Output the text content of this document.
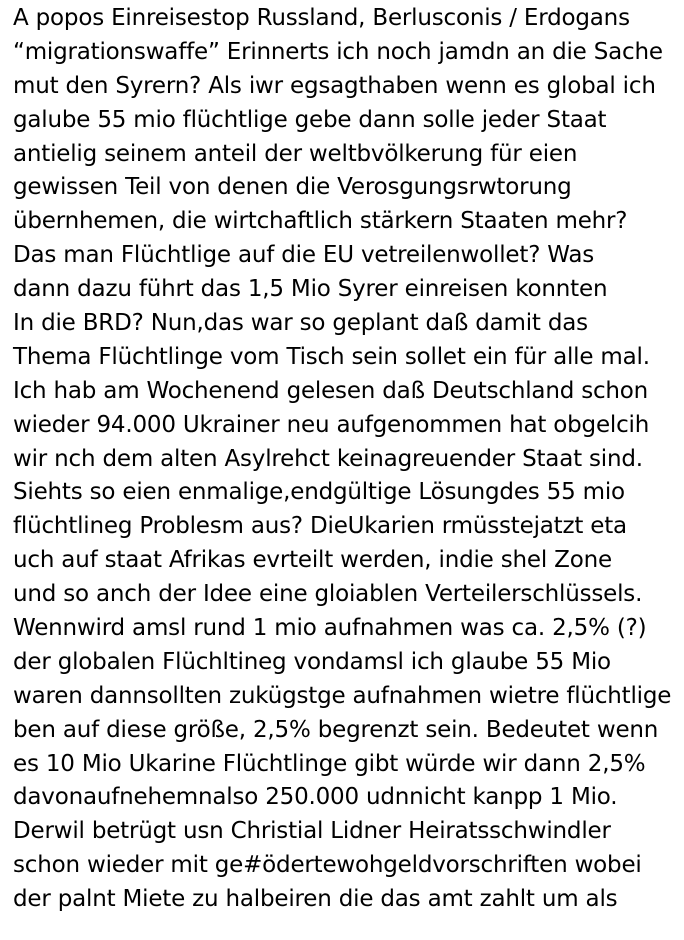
A popos Einreisestop Russland, Berlusconis / Erdogans
“migrationswaffe” Erinnerts ich noch jamdn an die Sache
mut den Syrern? Als iwr egsagthaben wenn es global ich
galube 55 mio flüchtlige gebe dann solle jeder Staat
antielig seinem anteil der weltbvölkerung für eien
gewissen Teil von denen die Verosgungsrwtorung
übernhemen, die wirtchaftlich stärkern Staaten mehr?
Das man Flüchtlige auf die EU vetreilenwollet? Was
dann dazu führt das 1,5 Mio Syrer einreisen konnten
In die BRD? Nun,das war so geplant daß damit das
Thema Flüchtlinge vom Tisch sein sollet ein für alle mal.
Ich hab am Wochenend gelesen daß Deutschland schon
wieder 94.000 Ukrainer neu aufgenommen hat obgelcih
wir nch dem alten Asylrehct keinagreuender Staat sind.
Siehts so eien enmalige,endgültige Lösungdes 55 mio
flüchtlineg Problesm aus? DieUkarien rmüsstejatzt eta
uch auf staat Afrikas evrteilt werden, indie shel Zone
und so anch der Idee eine gloiablen Verteilerschlüssels.
Wennwird amsl rund 1 mio aufnahmen was ca. 2,5% (?)
der globalen Flüchltineg vondamsl ich glaube 55 Mio
waren dannsollten zukügstge aufnahmen wietre flüchtlige
ben auf diese größe, 2,5% begrenzt sein. Bedeutet wenn
es 10 Mio Ukarine Flüchtlinge gibt würde wir dann 2,5%
davonaufnehemnalso 250.000 udnnicht kanpp 1 Mio.
Derwil betrügt usn Christial Lidner Heiratsschwindler
schon wieder mit ge#ödertewohgeldvorschriften wobei
der palnt Miete zu halbeiren die das amt zahlt um als
